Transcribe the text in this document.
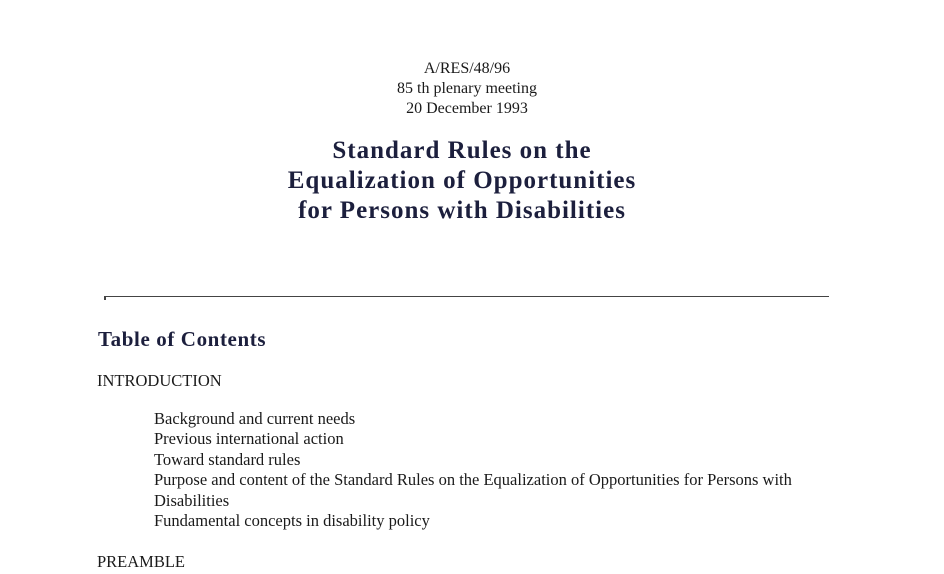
A/RES/48/96
85 th plenary meeting
20 December 1993
Standard Rules on the
Equalization of Opportunities
for Persons with Disabilities
Table of Contents
INTRODUCTION
Background and current needs
Previous international action
Toward standard rules
Purpose and content of the Standard Rules on the Equalization of Opportunities for Persons with Disabilities
Fundamental concepts in disability policy
PREAMBLE
